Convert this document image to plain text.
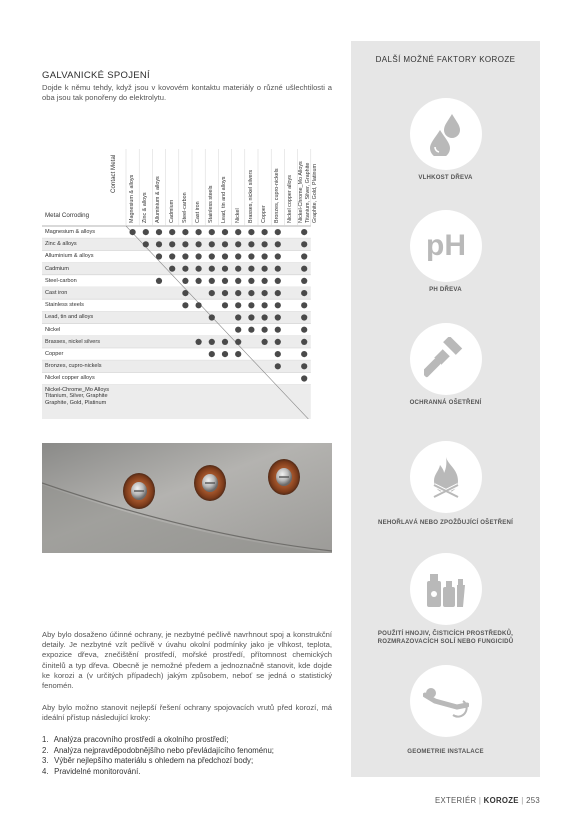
GALVANICKÉ SPOJENÍ

Dojde k němu tehdy, když jsou v kovovém kontaktu materiály o různé ušlechtilosti a oba jsou tak ponořeny do elektrolytu.

Contact Metal
Metal Corroding
Magnesium & alloys
Zinc & alloys
Alluminium & alloys
Cadmium
Steel-carbon
Cast iron
Stainless steels
Lead, tin and alloys
Nickel
Brasses, nickel silvers
Copper
Bronzes, cupro-nickels
Nickel copper alloys
Nickel-Chrome_Mo Alloys Titanium, Silver, Graphite Graphite, Gold, Platinum
Magnesium & alloys Zinc & alloys Alluminium & alloys Cadmium Steel-carbon Cast iron Stainless steels Lead, tin and alloys Nickel Brasses, nickel silvers Copper Bronzes, cupro-nickels Nickel copper alloys Nickel-Chrome_Mo Alloys Titanium, Silver, Graphite Graphite, Gold, Platinum

Aby bylo dosaženo účinné ochrany, je nezbytné pečlivě navrhnout spoj a konstrukční detaily. Je nezbytné vzít pečlivě v úvahu okolní podmínky jako je vlhkost, teplota, expozice dřeva, znečištění prostředí, mořské prostředí, přítomnost chemických činitelů a typ dřeva. Obecně je nemožné předem a jednoznačně stanovit, kde dojde ke korozi a (v určitých případech) jakým způsobem, neboť se jedná o statistický fenomén.

Aby bylo možno stanovit nejlepší řešení ochrany spojovacích vrutů před korozí, má ideální přístup následující kroky:

1. Analýza pracovního prostředí a okolního prostředí;
2. Analýza nejpravděpodobnějšího nebo převládajícího fenoménu;
3. Výběr nejlepšího materiálu s ohledem na předchozí body;
4. Pravidelné monitorování.
DALŠÍ MOŽNÉ FAKTORY KOROZE
VLHKOST DŘEVA
pH
PH DŘEVA
OCHRANNÁ OŠETŘENÍ
NEHOŘLAVÁ NEBO ZPOŽĎUJÍCÍ OŠETŘENÍ
POUŽITÍ HNOJIV, ČISTICÍCH PROSTŘEDKŮ, ROZMRAZOVACÍCH SOLÍ NEBO FUNGICIDŮ
GEOMETRIE INSTALACE
EXTERIÉR | KOROZE | 253
